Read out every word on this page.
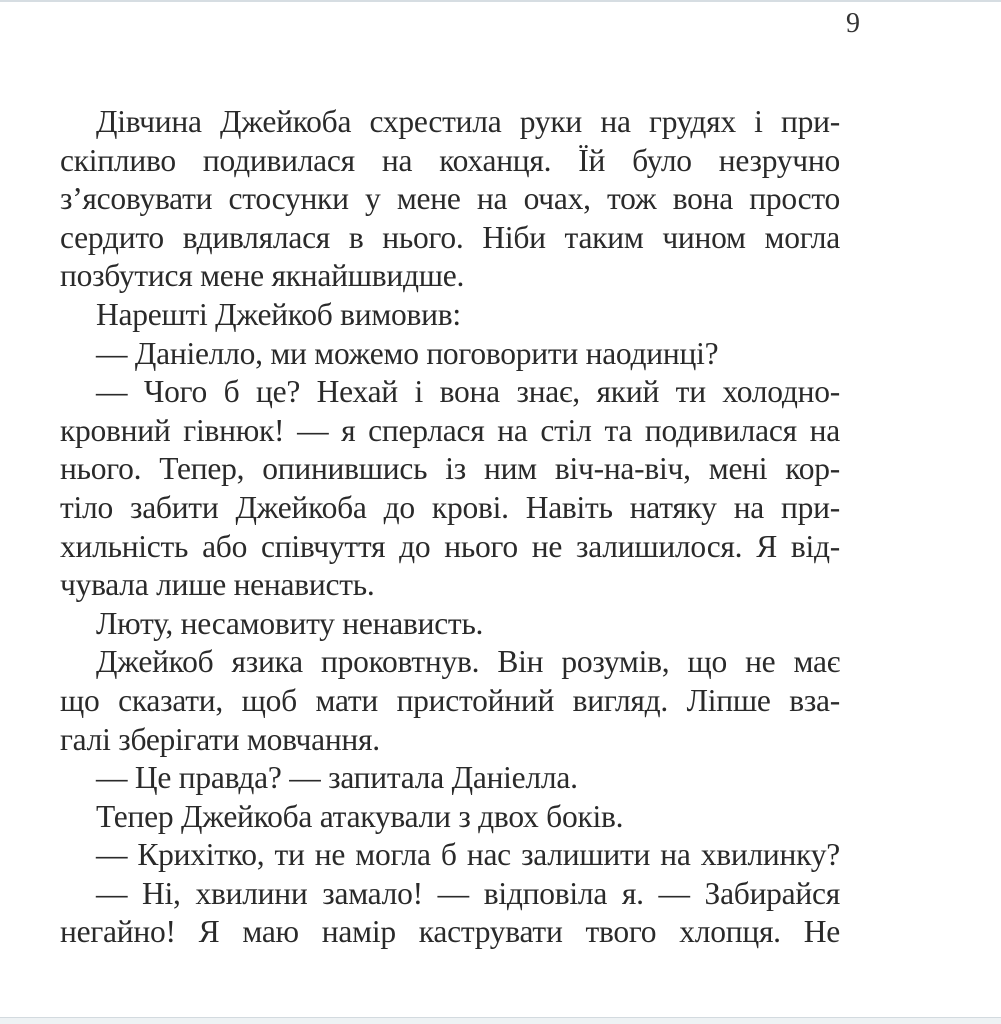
9
Дівчина Джейкоба схрестила руки на грудях і при-
скіпливо подивилася на коханця. Їй було незручно
з’ясовувати стосунки у мене на очах, тож вона просто
сердито вдивлялася в нього. Ніби таким чином могла
позбутися мене якнайшвидше.
Нарешті Джейкоб вимовив:
— Даніелло, ми можемо поговорити наодинці?
— Чого б це? Нехай і вона знає, який ти холодно-
кровний гівнюк! — я сперлася на стіл та подивилася на
нього. Тепер, опинившись із ним віч-на-віч, мені кор-
тіло забити Джейкоба до крові. Навіть натяку на при-
хильність або співчуття до нього не залишилося. Я від-
чувала лише ненависть.
Люту, несамовиту ненависть.
Джейкоб язика проковтнув. Він розумів, що не має
що сказати, щоб мати пристойний вигляд. Ліпше вза-
галі зберігати мовчання.
— Це правда? — запитала Даніелла.
Тепер Джейкоба атакували з двох боків.
— Крихітко, ти не могла б нас залишити на хвилинку?
— Ні, хвилини замало! — відповіла я. — Забирайся
негайно! Я маю намір каструвати твого хлопця. Не
